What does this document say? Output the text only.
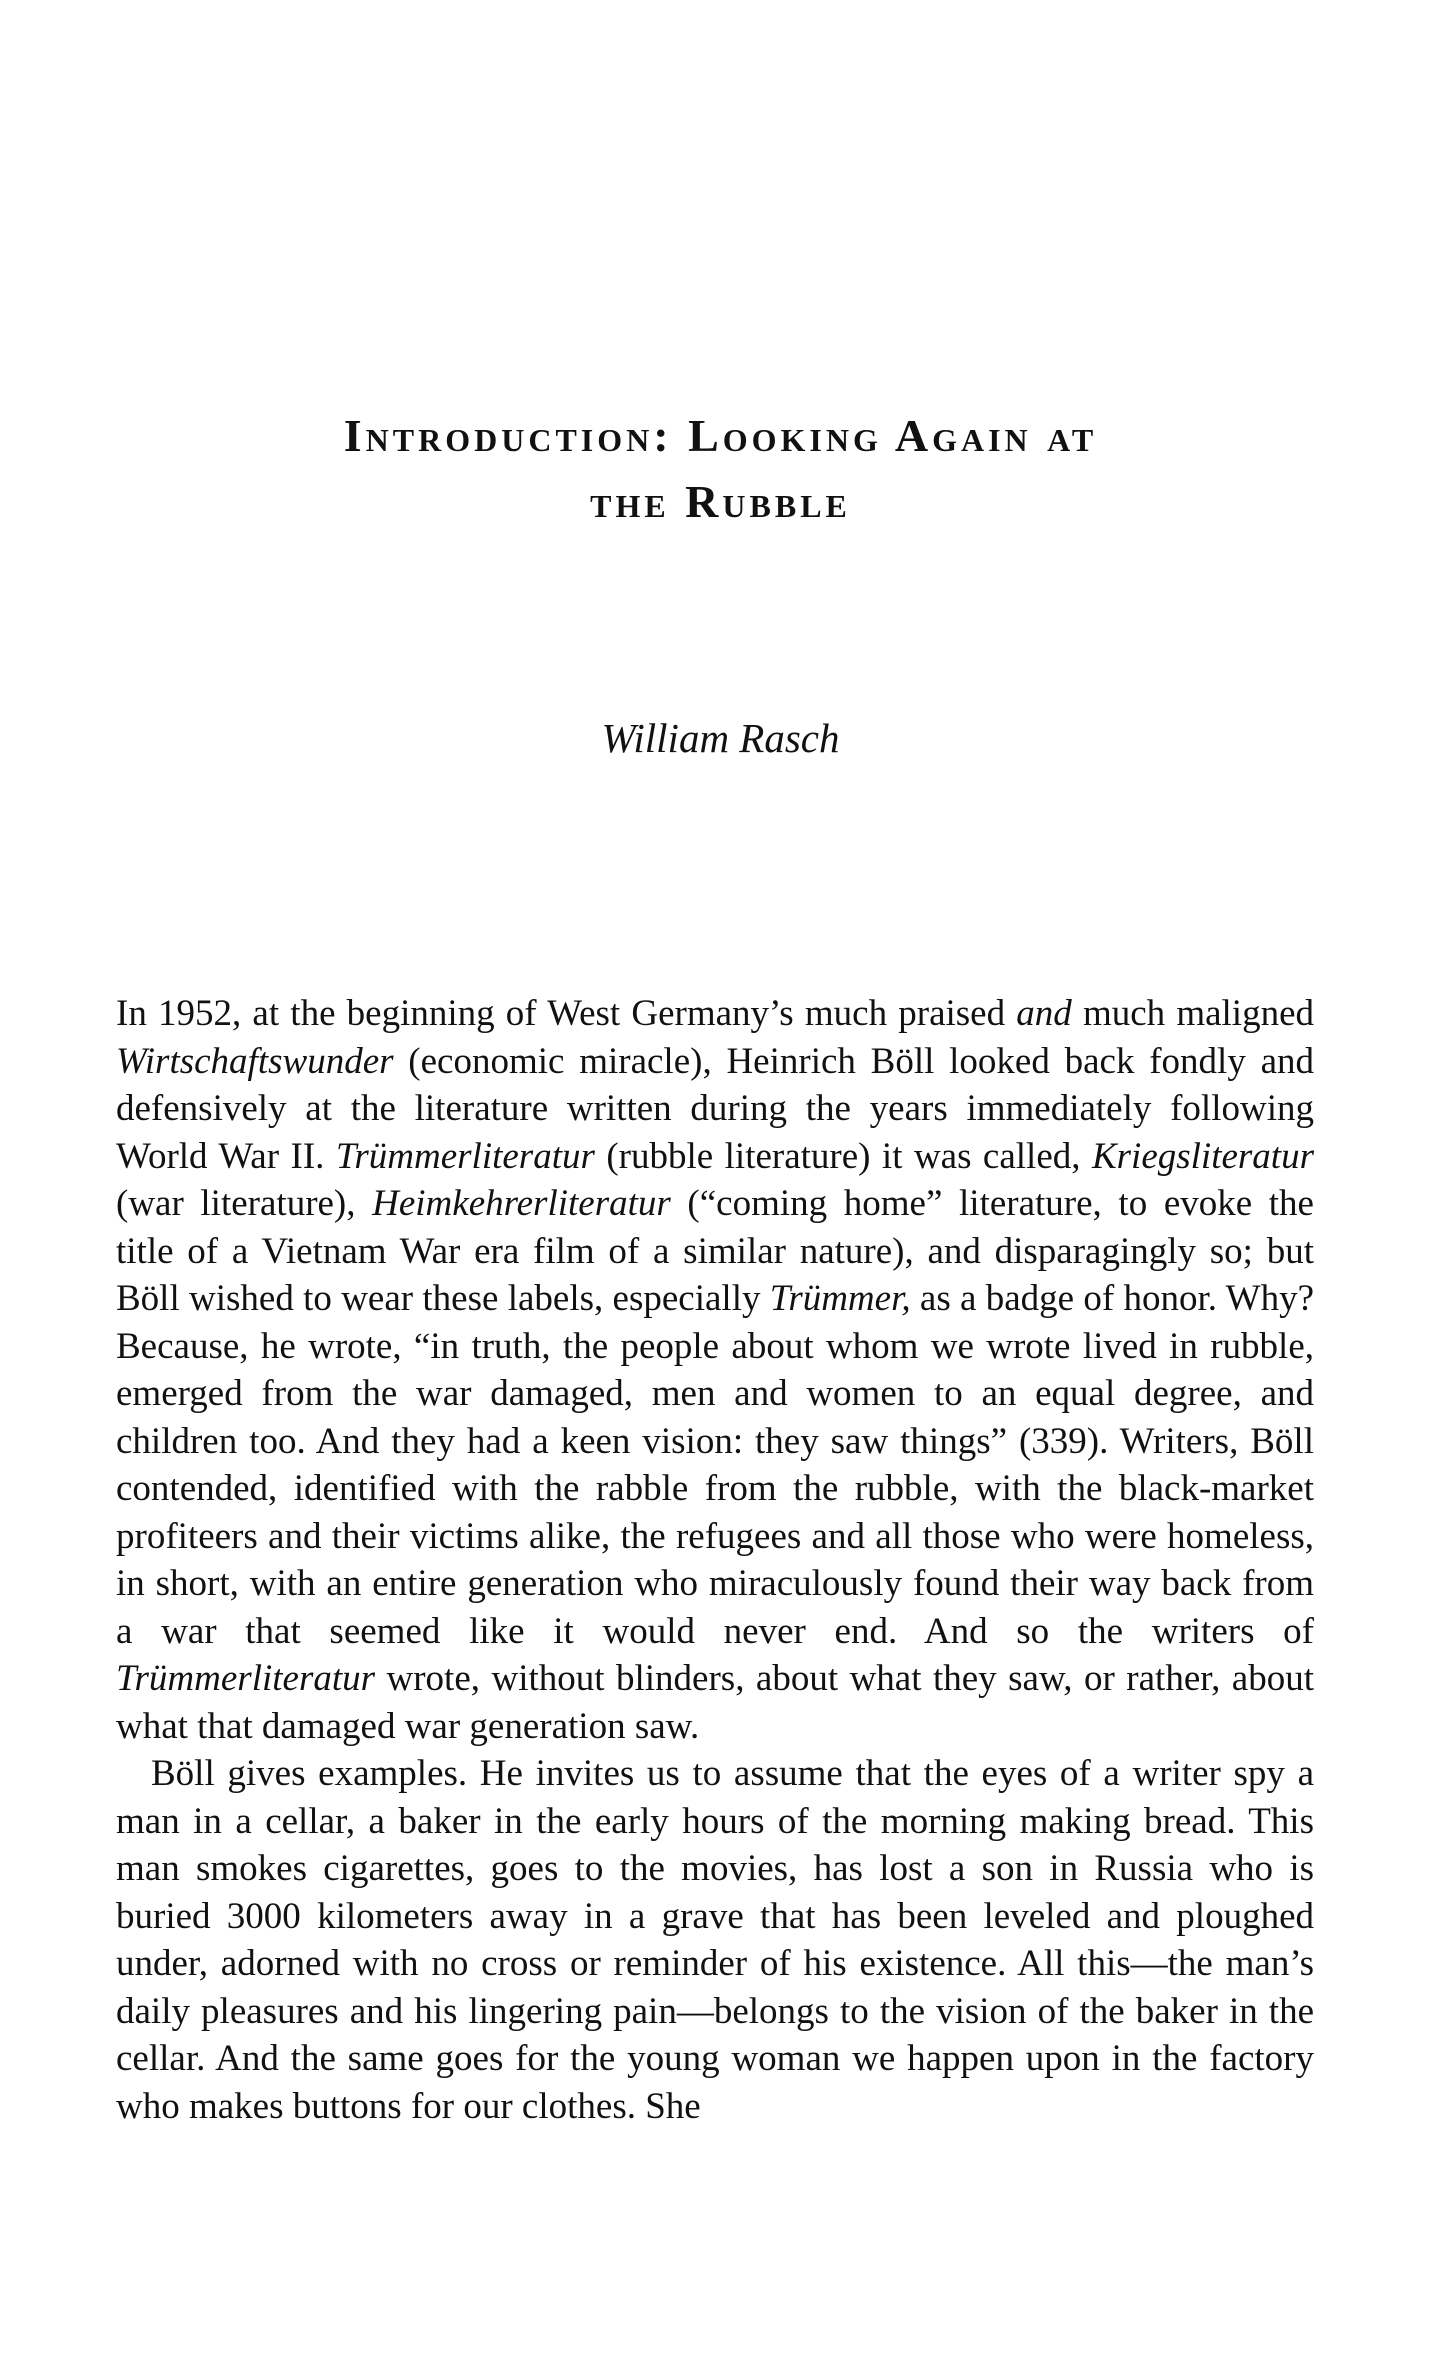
Introduction: Looking Again at
the Rubble
William Rasch

In 1952, at the beginning of West Germany’s much praised and much maligned Wirtschaftswunder (economic miracle), Heinrich Böll looked back fondly and defensively at the literature written during the years immediately following World War II. Trümmerliteratur (rubble literature) it was called, Kriegsliteratur (war literature), Heimkehrerliteratur (“coming home” literature, to evoke the title of a Vietnam War era film of a similar nature), and disparagingly so; but Böll wished to wear these labels, especially Trümmer, as a badge of honor. Why? Because, he wrote, “in truth, the people about whom we wrote lived in rubble, emerged from the war damaged, men and women to an equal degree, and children too. And they had a keen vision: they saw things” (339). Writers, Böll contended, identified with the rabble from the rubble, with the black-market profiteers and their victims alike, the refugees and all those who were homeless, in short, with an entire generation who miraculously found their way back from a war that seemed like it would never end. And so the writers of Trümmerliteratur wrote, without blinders, about what they saw, or rather, about what that damaged war generation saw.

Böll gives examples. He invites us to assume that the eyes of a writer spy a man in a cellar, a baker in the early hours of the morning making bread. This man smokes cigarettes, goes to the movies, has lost a son in Russia who is buried 3000 kilometers away in a grave that has been leveled and ploughed under, adorned with no cross or reminder of his existence. All this—the man’s daily pleasures and his lingering pain—belongs to the vision of the baker in the cellar. And the same goes for the young woman we happen upon in the factory who makes buttons for our clothes. She
